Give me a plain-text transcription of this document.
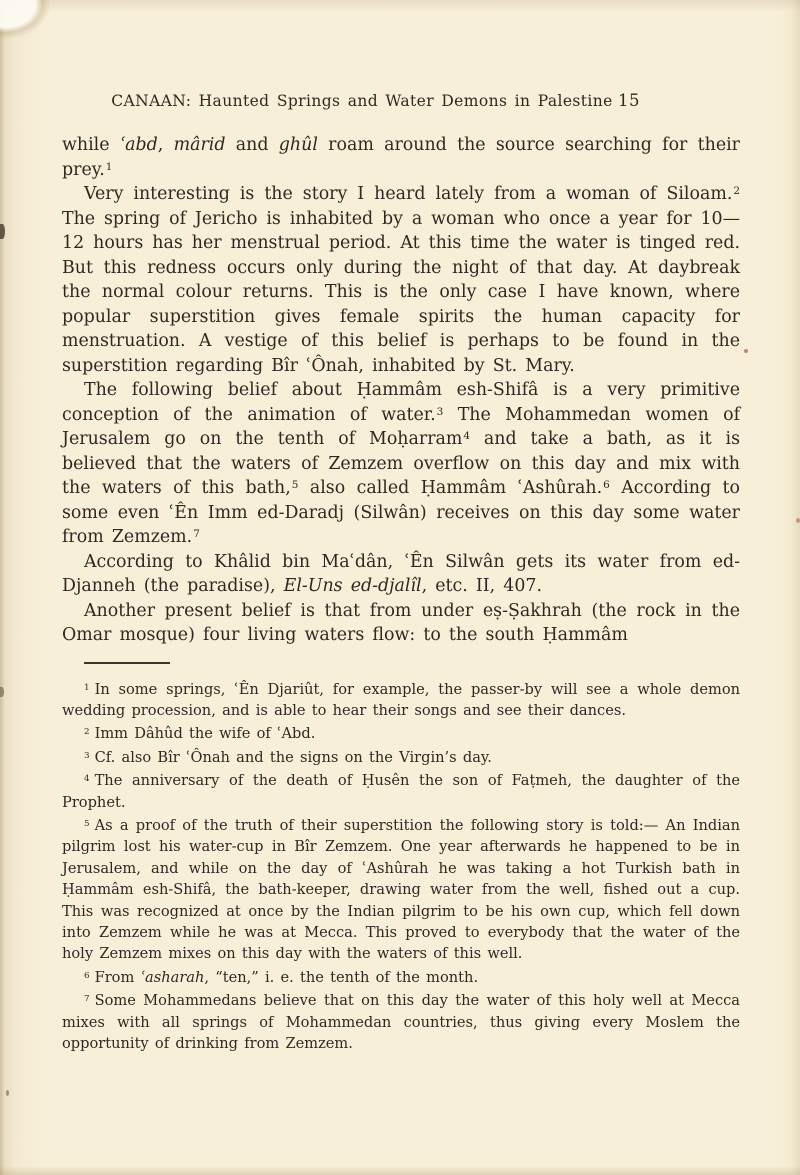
CANAAN: Haunted Springs and Water Demons in Palestine 15

while ʿabd, mârid and ghûl roam around the source searching for their prey.$^1$

Very interesting is the story I heard lately from a woman of Siloam.$^2$ The spring of Jericho is inhabited by a woman who once a year for 10—12 hours has her menstrual period. At this time the water is tinged red. But this redness occurs only during the night of that day. At daybreak the normal colour returns. This is the only case I have known, where popular superstition gives female spirits the human capacity for menstruation. A vestige of this belief is perhaps to be found in the superstition regarding Bîr ʿÔnah, inhabited by St. Mary.

The following belief about Ḥammâm esh-Shifâ is a very primitive conception of the animation of water.$^3$ The Mohammedan women of Jerusalem go on the tenth of Moḥarram$^4$ and take a bath, as it is believed that the waters of Zemzem overflow on this day and mix with the waters of this bath,$^5$ also called Ḥammâm ʿAshûrah.$^6$ According to some even ʿÊn Imm ed-Daradj (Silwân) receives on this day some water from Zemzem.$^7$

According to Khâlid bin Maʿdân, ʿÊn Silwân gets its water from ed-Djanneh (the paradise), El-Uns ed-djalîl, etc. II, 407.

Another present belief is that from under eṣ-Ṣakhrah (the rock in the Omar mosque) four living waters flow: to the south Ḥammâm

$^1$ In some springs, ʿÊn Djariût, for example, the passer-by will see a whole demon wedding procession, and is able to hear their songs and see their dances.

$^2$ Imm Dâhûd the wife of ʿAbd.

$^3$ Cf. also Bîr ʿÔnah and the signs on the Virgin’s day.

$^4$ The anniversary of the death of Ḥusên the son of Faṭmeh, the daughter of the Prophet.

$^5$ As a proof of the truth of their superstition the following story is told:— An Indian pilgrim lost his water-cup in Bîr Zemzem. One year afterwards he happened to be in Jerusalem, and while on the day of ʿAshûrah he was taking a hot Turkish bath in Ḥammâm esh-Shifâ, the bath-keeper, drawing water from the well, fished out a cup. This was recognized at once by the Indian pilgrim to be his own cup, which fell down into Zemzem while he was at Mecca. This proved to everybody that the water of the holy Zemzem mixes on this day with the waters of this well.

$^6$ From ʿasharah, “ten,” i. e. the tenth of the month.

$^7$ Some Mohammedans believe that on this day the water of this holy well at Mecca mixes with all springs of Mohammedan countries, thus giving every Moslem the opportunity of drinking from Zemzem.
